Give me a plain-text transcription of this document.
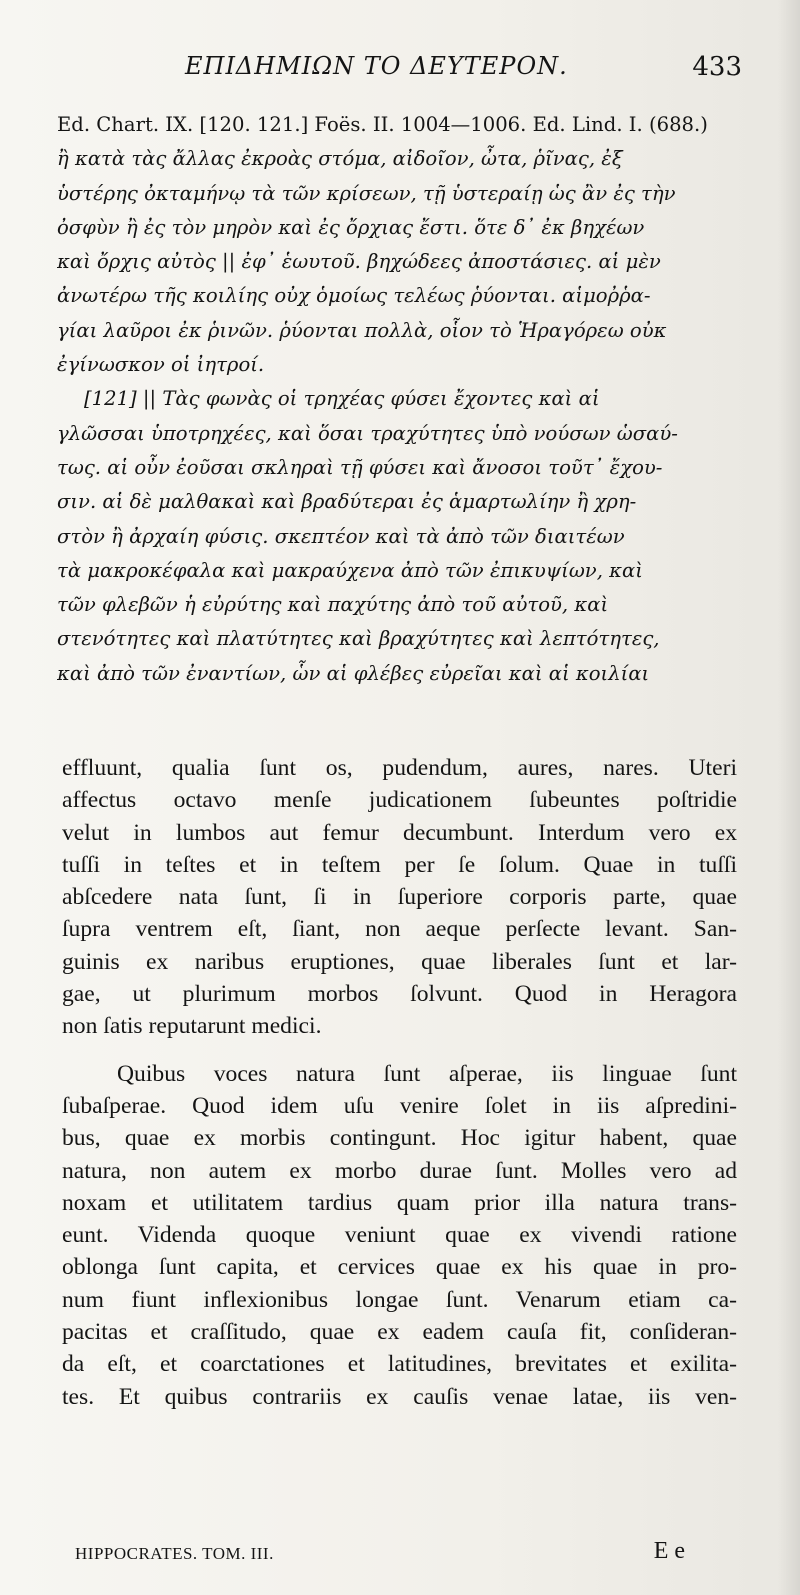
ΕΠΙΔΗΜΙΩΝ ΤΟ ΔΕΥΤΕΡΟΝ.	433
Ed. Chart. IX. [120. 121.] Foës. II. 1004—1006. Ed. Lind. I. (688.)
ἢ κατὰ τὰς ἄλλας ἐκροὰς στόμα, αἰδοῖον, ὦτα, ῥῖνας, ἐξ
ὑστέρης ὀκταμήνῳ τὰ τῶν κρίσεων, τῇ ὑστεραίῃ ὡς ἂν ἐς τὴν
ὀσφὺν ἢ ἐς τὸν μηρὸν καὶ ἐς ὄρχιας ἔστι. ὅτε δ᾽ ἐκ βηχέων
καὶ ὄρχις αὐτὸς || ἐφ᾽ ἑωυτοῦ. βηχώδεες ἀποστάσιες. αἱ μὲν
ἀνωτέρω τῆς κοιλίης οὐχ ὁμοίως τελέως ῥύονται. αἱμοῤῥα-
γίαι λαῦροι ἐκ ῥινῶν. ῥύονται πολλὰ, οἷον τὸ Ἡραγόρεω οὐκ
ἐγίνωσκον οἱ ἰητροί.
[121] || Τὰς φωνὰς οἱ τρηχέας φύσει ἔχοντες καὶ αἱ
γλῶσσαι ὑποτρηχέες, καὶ ὅσαι τραχύτητες ὑπὸ νούσων ὡσαύ-
τως. αἱ οὖν ἐοῦσαι σκληραὶ τῇ φύσει καὶ ἄνοσοι τοῦτ᾽ ἔχου-
σιν. αἱ δὲ μαλθακαὶ καὶ βραδύτεραι ἐς ἁμαρτωλίην ἢ χρη-
στὸν ἢ ἀρχαίη φύσις. σκεπτέον καὶ τὰ ἀπὸ τῶν διαιτέων
τὰ μακροκέφαλα καὶ μακραύχενα ἀπὸ τῶν ἐπικυψίων, καὶ
τῶν φλεβῶν ἡ εὐρύτης καὶ παχύτης ἀπὸ τοῦ αὐτοῦ, καὶ
στενότητες καὶ πλατύτητες καὶ βραχύτητες καὶ λεπτότητες,
καὶ ἀπὸ τῶν ἐναντίων, ὧν αἱ φλέβες εὐρεῖαι καὶ αἱ κοιλίαι
effluunt, qualia ſunt os, pudendum, aures, nares. Uteri
affectus octavo menſe judicationem ſubeuntes poſtridie
velut in lumbos aut femur decumbunt. Interdum vero ex
tuſſi in teſtes et in teſtem per ſe ſolum. Quae in tuſſi
abſcedere nata ſunt, ſi in ſuperiore corporis parte, quae
ſupra ventrem eſt, ſiant, non aeque perſecte levant. San-
guinis ex naribus eruptiones, quae liberales ſunt et lar-
gae, ut plurimum morbos ſolvunt. Quod in Heragora
non ſatis reputarunt medici.
Quibus voces natura ſunt aſperae, iis linguae ſunt
ſubaſperae. Quod idem uſu venire ſolet in iis aſpredini-
bus, quae ex morbis contingunt. Hoc igitur habent, quae
natura, non autem ex morbo durae ſunt. Molles vero ad
noxam et utilitatem tardius quam prior illa natura trans-
eunt. Videnda quoque veniunt quae ex vivendi ratione
oblonga ſunt capita, et cervices quae ex his quae in pro-
num fiunt inflexionibus longae ſunt. Venarum etiam ca-
pacitas et craſſitudo, quae ex eadem cauſa fit, conſideran-
da eſt, et coarctationes et latitudines, brevitates et exilita-
tes. Et quibus contrariis ex cauſis venae latae, iis ven-
HIPPOCRATES. TOM. III.	E e
